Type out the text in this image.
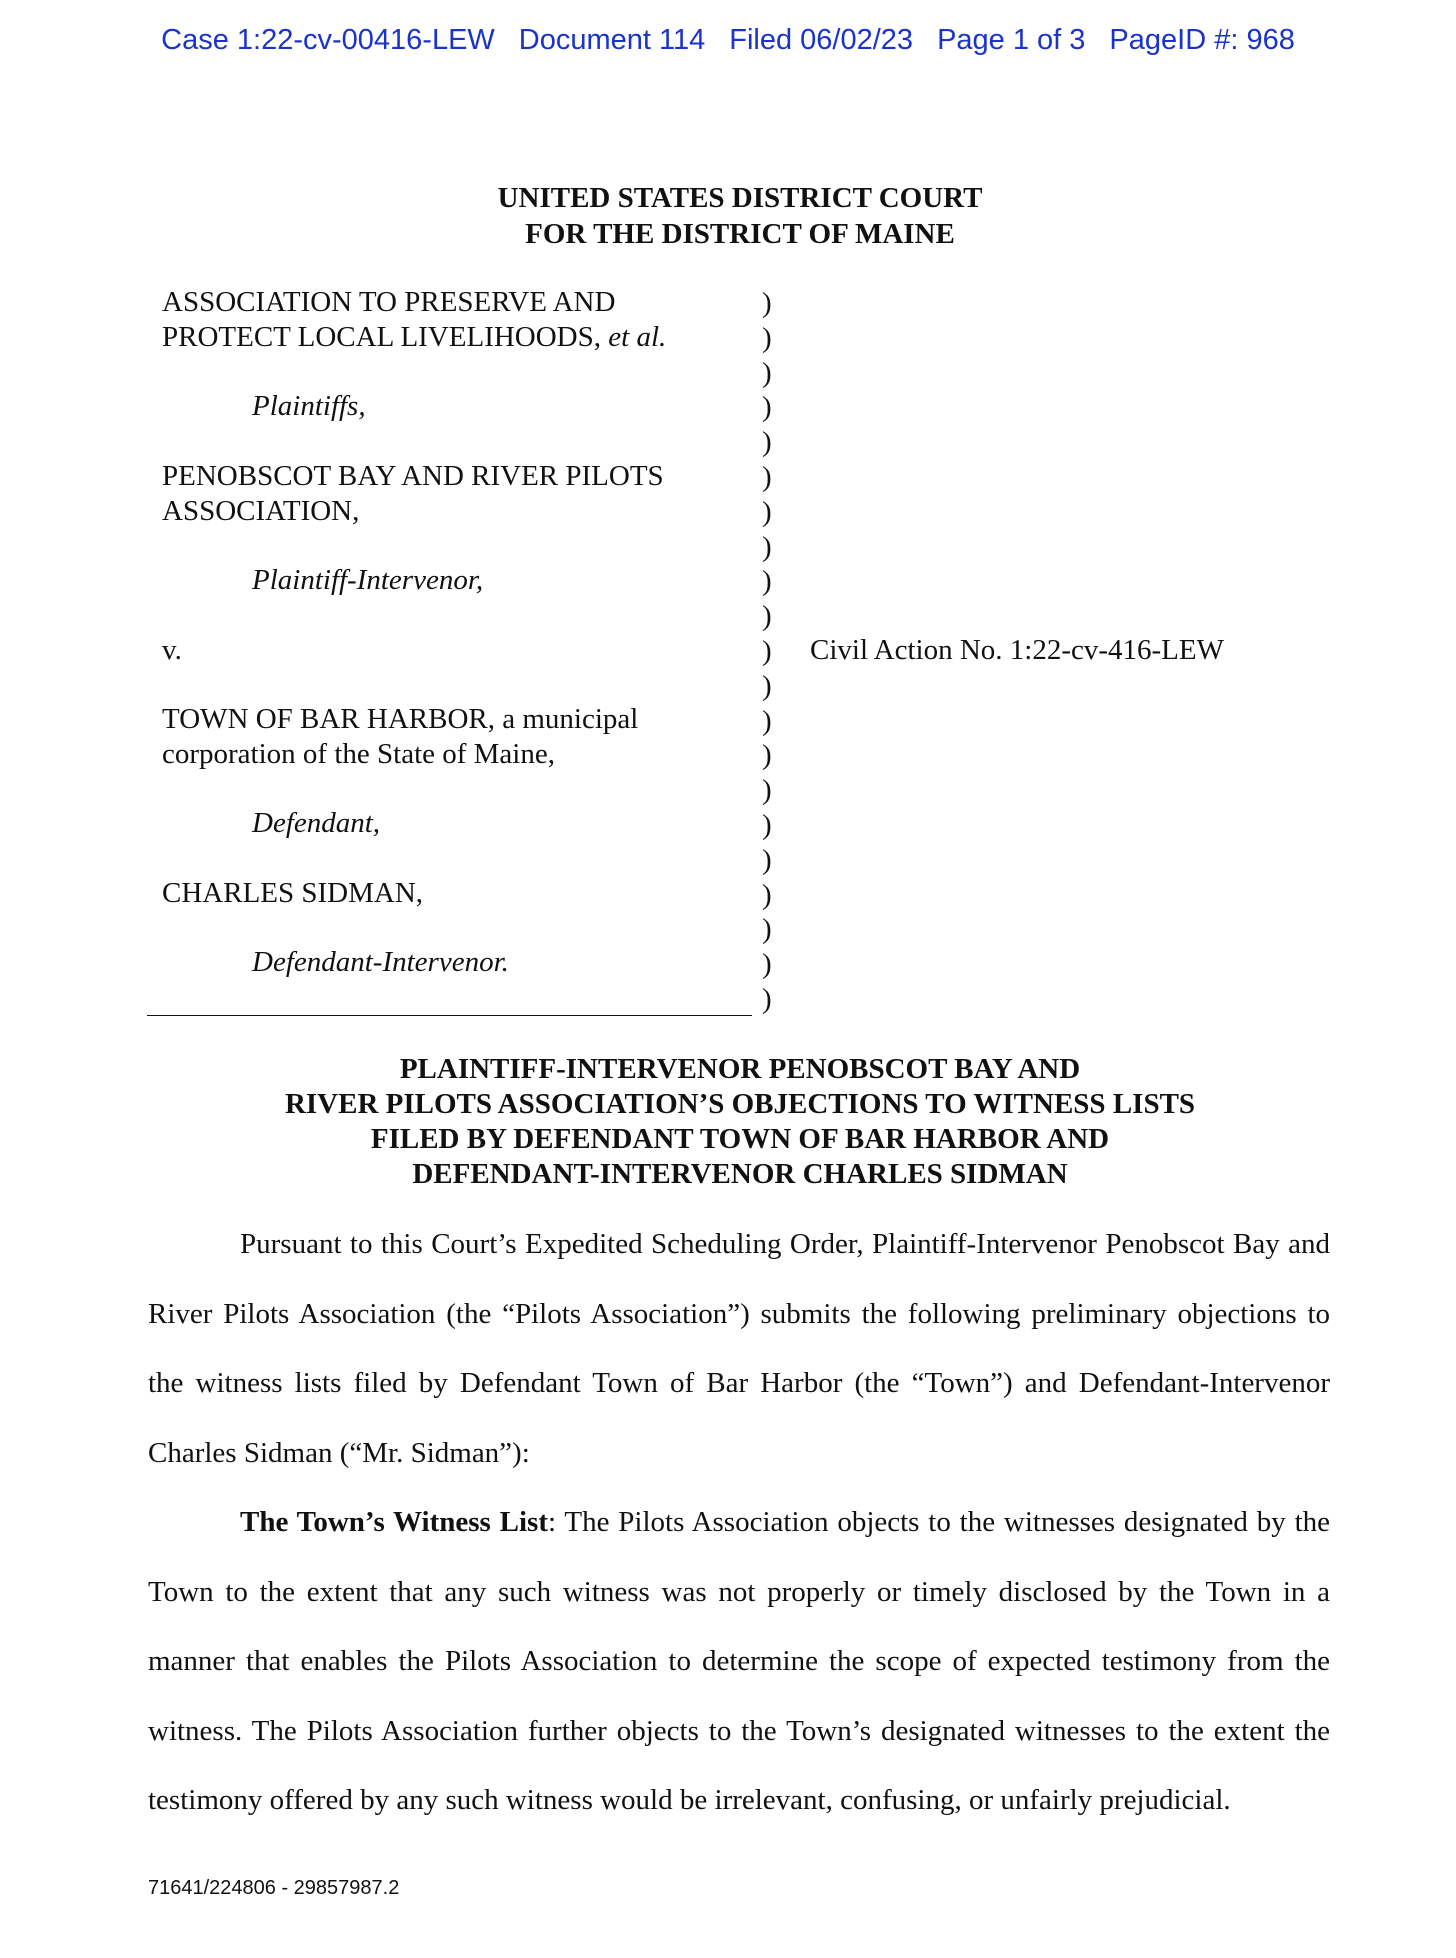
Case 1:22-cv-00416-LEW Document 114 Filed 06/02/23 Page 1 of 3 PageID #: 968
UNITED STATES DISTRICT COURT
FOR THE DISTRICT OF MAINE
ASSOCIATION TO PRESERVE AND
PROTECT LOCAL LIVELIHOODS, et al.
Plaintiffs,
PENOBSCOT BAY AND RIVER PILOTS
ASSOCIATION,
Plaintiff-Intervenor,
v.
TOWN OF BAR HARBOR, a municipal
corporation of the State of Maine,
Defendant,
CHARLES SIDMAN,
Defendant-Intervenor.
)
)
)
)
)
)
)
)
)
)
)
)
)
)
)
)
)
)
)
)
)
Civil Action No. 1:22-cv-416-LEW
PLAINTIFF-INTERVENOR PENOBSCOT BAY AND
RIVER PILOTS ASSOCIATION’S OBJECTIONS TO WITNESS LISTS
FILED BY DEFENDANT TOWN OF BAR HARBOR AND
DEFENDANT-INTERVENOR CHARLES SIDMAN

Pursuant to this Court’s Expedited Scheduling Order, Plaintiff-Intervenor Penobscot Bay and River Pilots Association (the “Pilots Association”) submits the following preliminary objections to the witness lists filed by Defendant Town of Bar Harbor (the “Town”) and Defendant-Intervenor Charles Sidman (“Mr. Sidman”):

The Town’s Witness List: The Pilots Association objects to the witnesses designated by the Town to the extent that any such witness was not properly or timely disclosed by the Town in a manner that enables the Pilots Association to determine the scope of expected testimony from the witness. The Pilots Association further objects to the Town’s designated witnesses to the extent the testimony offered by any such witness would be irrelevant, confusing, or unfairly prejudicial.

71641/224806 - 29857987.2
